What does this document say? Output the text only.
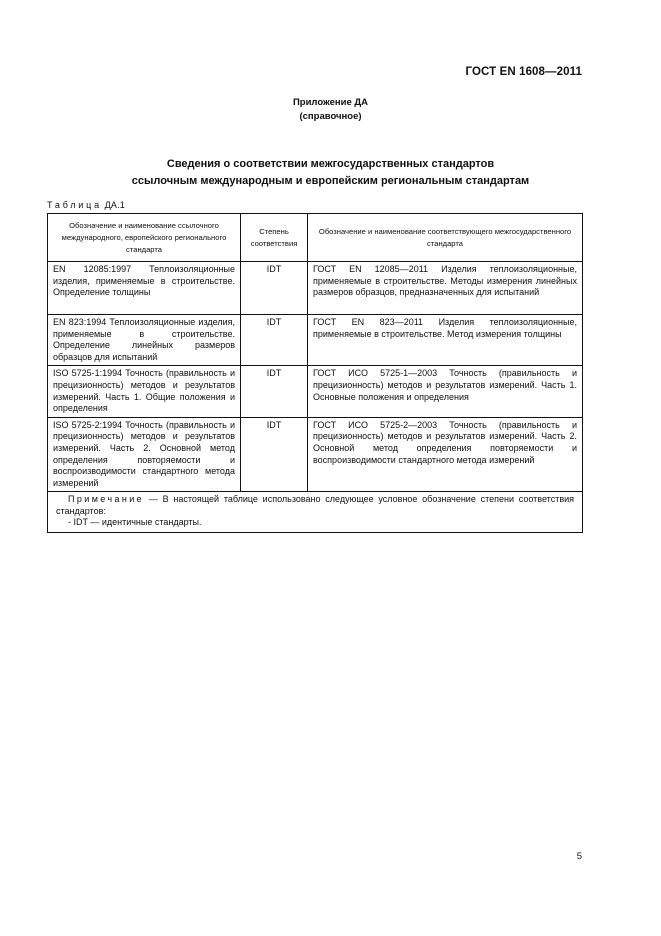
ГОСТ EN 1608—2011
Приложение ДА
(справочное)
Сведения о соответствии межгосударственных стандартов
ссылочным международным и европейским региональным стандартам
Таблица ДА.1
Обозначение и наименование ссылочного международного, европейского регионального стандарта	Степень соответствия	Обозначение и наименование соответствующего межгосударственного стандарта
EN 12085:1997 Теплоизоляционные изделия, применяемые в строительстве. Определение толщины	IDT	ГОСТ EN 12085—2011 Изделия теплоизоляционные, применяемые в строительстве. Методы измерения линейных размеров образцов, предназначенных для испытаний
EN 823:1994 Теплоизоляционные изделия, применяемые в строительстве. Определение линейных размеров образцов для испытаний	IDT	ГОСТ EN 823—2011 Изделия теплоизоляционные, применяемые в строительстве. Метод измерения толщины
ISO 5725-1:1994 Точность (правильность и прецизионность) методов и результатов измерений. Часть 1. Общие положения и определения	IDT	ГОСТ ИСО 5725-1—2003 Точность (правильность и прецизионность) методов и результатов измерений. Часть 1. Основные положения и определения
ISO 5725-2:1994 Точность (правильность и прецизионность) методов и результатов измерений. Часть 2. Основной метод определения повторяемости и воспроизводимости стандартного метода измерений	IDT	ГОСТ ИСО 5725-2—2003 Точность (правильность и прецизионность) методов и результатов измерений. Часть 2. Основной метод определения повторяемости и воспроизводимости стандартного метода измерений

Примечание — В настоящей таблице использовано следующее условное обозначение степени соответствия стандартов:
- IDT — идентичные стандарты.		
5
